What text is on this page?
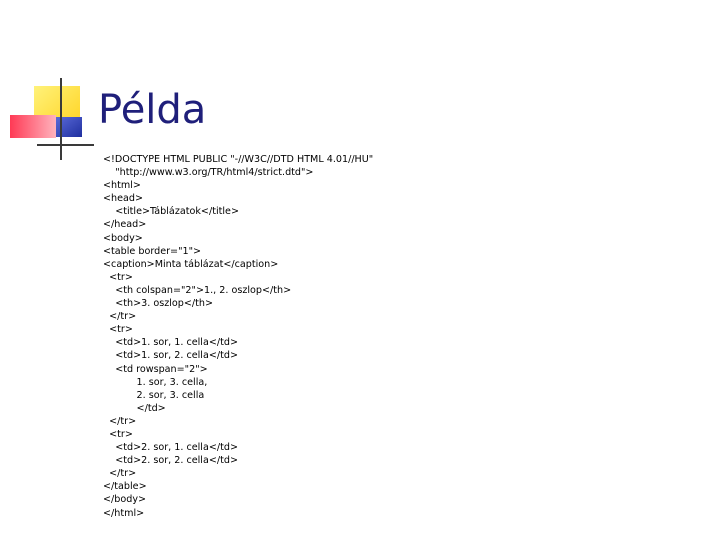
Példa
<!DOCTYPE HTML PUBLIC "-//W3C//DTD HTML 4.01//HU"
"http://www.w3.org/TR/html4/strict.dtd">
<html>
<head>
<title>Táblázatok</title>
</head>
<body>
<table border="1">
<caption>Minta táblázat</caption>
<tr>
<th colspan="2">1., 2. oszlop</th>
<th>3. oszlop</th>
</tr>
<tr>
<td>1. sor, 1. cella</td>
<td>1. sor, 2. cella</td>
<td rowspan="2">
1. sor, 3. cella,
2. sor, 3. cella
</td>
</tr>
<tr>
<td>2. sor, 1. cella</td>
<td>2. sor, 2. cella</td>
</tr>
</table>
</body>
</html>
